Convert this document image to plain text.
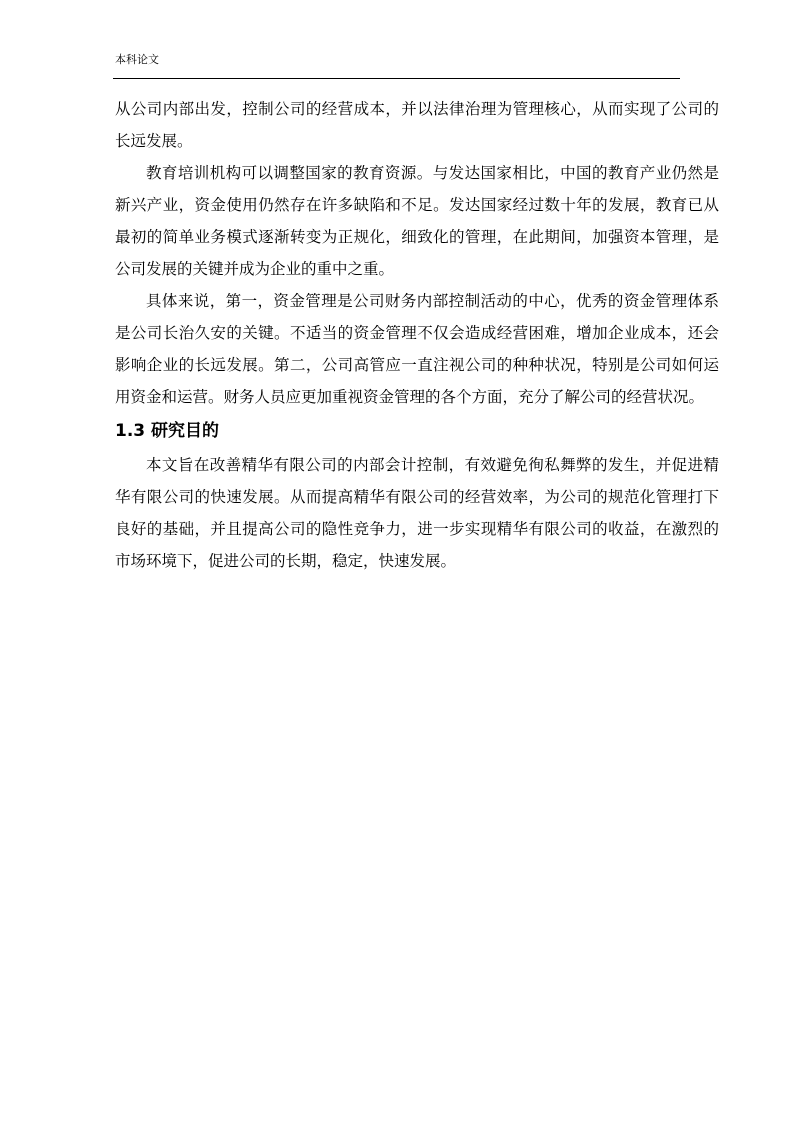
本科论文

从公司内部出发，控制公司的经营成本，并以法律治理为管理核心，从而实现了公司的长远发展。

教育培训机构可以调整国家的教育资源。与发达国家相比，中国的教育产业仍然是新兴产业，资金使用仍然存在许多缺陷和不足。发达国家经过数十年的发展，教育已从最初的简单业务模式逐渐转变为正规化，细致化的管理，在此期间，加强资本管理，是公司发展的关键并成为企业的重中之重。

具体来说，第一，资金管理是公司财务内部控制活动的中心，优秀的资金管理体系是公司长治久安的关键。不适当的资金管理不仅会造成经营困难，增加企业成本，还会影响企业的长远发展。第二，公司高管应一直注视公司的种种状况，特别是公司如何运用资金和运营。财务人员应更加重视资金管理的各个方面，充分了解公司的经营状况。

1.3 研究目的

本文旨在改善精华有限公司的内部会计控制，有效避免徇私舞弊的发生，并促进精华有限公司的快速发展。从而提高精华有限公司的经营效率，为公司的规范化管理打下良好的基础，并且提高公司的隐性竞争力，进一步实现精华有限公司的收益，在激烈的市场环境下，促进公司的长期，稳定，快速发展。
